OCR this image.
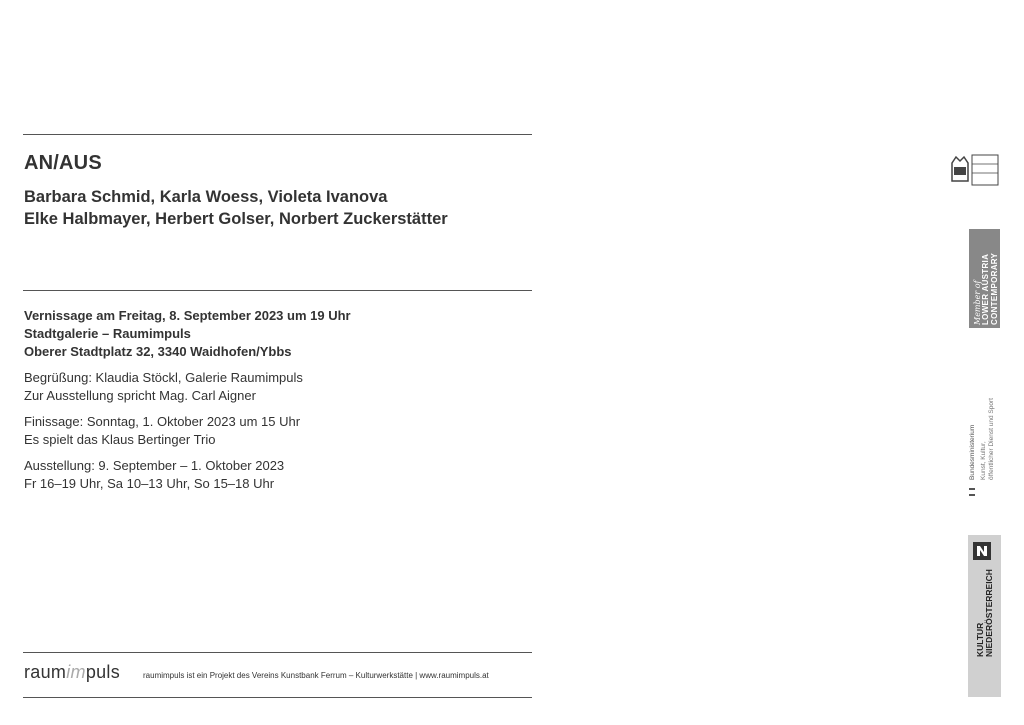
AN/AUS
Barbara Schmid, Karla Woess, Violeta Ivanova
Elke Halbmayer, Herbert Golser, Norbert Zuckerstätter

Vernissage am Freitag, 8. September 2023 um 19 Uhr

Stadtgalerie – Raumimpuls

Oberer Stadtplatz 32, 3340 Waidhofen/Ybbs

Begrüßung: Klaudia Stöckl, Galerie Raumimpuls

Zur Ausstellung spricht Mag. Carl Aigner

Finissage: Sonntag, 1. Oktober 2023 um 15 Uhr

Es spielt das Klaus Bertinger Trio

Ausstellung: 9. September – 1. Oktober 2023

Fr 16–19 Uhr, Sa 10–13 Uhr, So 15–18 Uhr

raumimpuls	raumimpuls ist ein Projekt des Vereins Kunstbank Ferrum – Kulturwerkstätte | www.raumimpuls.at
Member of LOWER AUSTRIA CONTEMPORARY
Bundesministerium Kunst, Kultur, öffentlicher Dienst und Sport
KULTUR NIEDERÖSTERREICH
